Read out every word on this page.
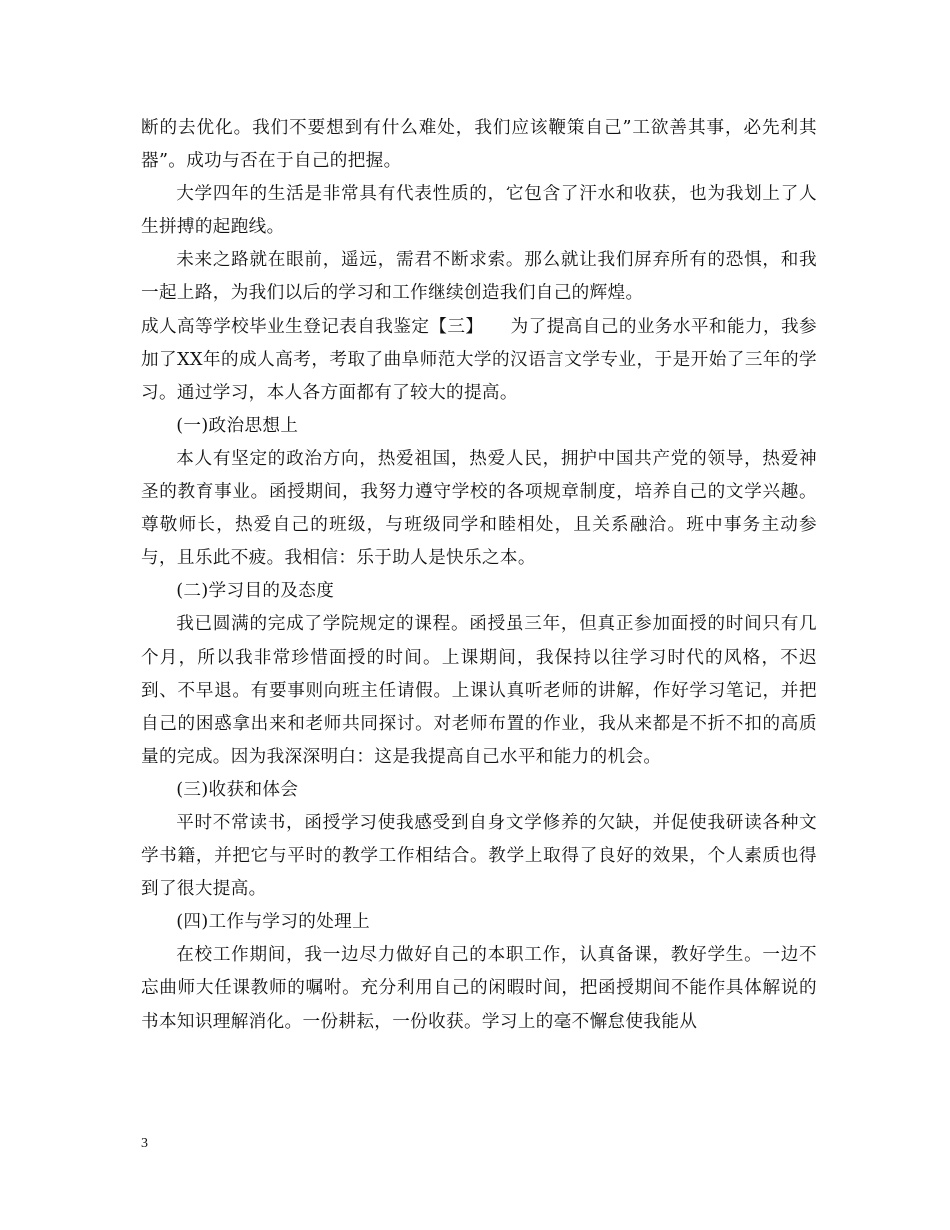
断的去优化。我们不要想到有什么难处，我们应该鞭策自己”工欲善其事，必先利其器”。成功与否在于自己的把握。

大学四年的生活是非常具有代表性质的，它包含了汗水和收获，也为我划上了人生拼搏的起跑线。

未来之路就在眼前，遥远，需君不断求索。那么就让我们屏弃所有的恐惧，和我一起上路，为我们以后的学习和工作继续创造我们自己的辉煌。

成人高等学校毕业生登记表自我鉴定【三】　　为了提高自己的业务水平和能力，我参加了XX年的成人高考，考取了曲阜师范大学的汉语言文学专业，于是开始了三年的学习。通过学习，本人各方面都有了较大的提高。

(一)政治思想上

本人有坚定的政治方向，热爱祖国，热爱人民，拥护中国共产党的领导，热爱神圣的教育事业。函授期间，我努力遵守学校的各项规章制度，培养自己的文学兴趣。尊敬师长，热爱自己的班级，与班级同学和睦相处，且关系融洽。班中事务主动参与，且乐此不疲。我相信：乐于助人是快乐之本。

(二)学习目的及态度

我已圆满的完成了学院规定的课程。函授虽三年，但真正参加面授的时间只有几个月，所以我非常珍惜面授的时间。上课期间，我保持以往学习时代的风格，不迟到、不早退。有要事则向班主任请假。上课认真听老师的讲解，作好学习笔记，并把自己的困惑拿出来和老师共同探讨。对老师布置的作业，我从来都是不折不扣的高质量的完成。因为我深深明白：这是我提高自己水平和能力的机会。

(三)收获和体会

平时不常读书，函授学习使我感受到自身文学修养的欠缺，并促使我研读各种文学书籍，并把它与平时的教学工作相结合。教学上取得了良好的效果，个人素质也得到了很大提高。

(四)工作与学习的处理上

在校工作期间，我一边尽力做好自己的本职工作，认真备课，教好学生。一边不忘曲师大任课教师的嘱咐。充分利用自己的闲暇时间，把函授期间不能作具体解说的书本知识理解消化。一份耕耘，一份收获。学习上的毫不懈怠使我能从

3
